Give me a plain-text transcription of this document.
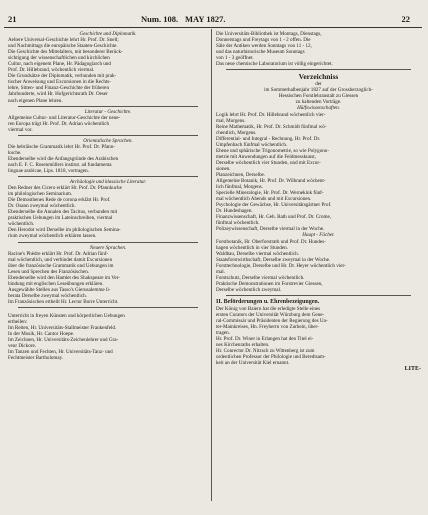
21	Num. 108. MAY 1827.	22

Geschichte und Diplomatik.

Aeltere Universal-Geschichte lehrt Hr. Prof. Dr. Snell;

und Nachmittags die europäische Staaten-Geschichte.

Die Geschichte des Mittelalters, mit besonderer Berück-

sichtigung der wissenschaftlichen und kirchlichen

Cultur, nach eigenem Plane, Hr. Pädagogiarch und

Prof. Dr. Hillebrand, wöchentlich viermal.

Die Grundsätze der Diplomatik, verbunden mit prak-

tischer Anweisung und Excursionen in die Rechts-

lehre, Sitten- und Finanz-Geschichte der früheren

Jahrhunderte, wird Hr. Hofgerichtsrath Dr. Oeser

nach eigenen Plane lehren.

Literatur - Geschichte.

Allgemeine Cultur- und Literatur-Geschichte der neue-

ren Europa trägt Hr. Prof. Dr. Adrian wöchentlich

viermal vor.

Orientalische Sprachen.

Die hebräische Grammatik lehrt Hr. Prof. Dr. Pfann-

kuche.

Ebenderselbe wird die Anfangsgründe des Arabischen

nach E. F. C. Rosenmüllers institut. ad fundamenta

linguae arabicae, Lips. 1818, vortragen.

Archäologie und klassische Literatur.

Den Redner des Cicero erklärt Hr. Prof. Dr. Pfannkuche

im philologischen Seminarium.

Die Demosthenes Rede de corona erklärt Hr. Prof.

Dr. Osann zweymal wöchentlich.

Ebenderselbe die Annalen des Tacitus, verbunden mit

praktischen Uebungen im Lateinschreiben, viermal

wöchentlich.

Den Herodot wird Derselbe im philologischen Semina-

rium zweymal wöchentlich erklären lassen.

Neuere Sprachen.

Racine's Phèdre erklärt Hr. Prof. Dr. Adrian fünf-

mal wöchentlich, und verbindet damit Excursionen

über die französische Grammatik und Uebungen im

Lesen und Sprechen des Französischen.

Ebenderselbe wird den Hamlet des Shakspeare im Ver-

bindung mit englischen Leseübungen erklären.

Ausgewählte Stellen aus Tasso's Gierusalemme li-

berata Derselbe zweymal wöchentlich.

Im Französischen ertheilt Hr. Lector Borre Unterricht.

Unterricht in freyen Künsten und körperlichen Uebungen

ertheilen:

Im Reiten, Hr. Universitäts-Stallmeister Frankenfeld.

In der Musik, Hr. Cantor Hoepe.

Im Zeichnen, Hr. Universitäts-Zeichenlehrer und Gra-

veur Dickore.

Im Tanzen und Fechten, Hr. Universitäts-Tanz- und

Fechtmeister Bartholomay.

Die Universitäts-Bibliothek ist Montags, Dienstags,

Donnerstags und Freytags von 1 - 2 offen. Die

Säle der Antiken werden Sonntags von 11 - 12,

und das naturhistorische Museum Sonntags

von 1 - 3 geöffnet.

Das neue chemische Laboratorium ist völlig eingerichtet.

Verzeichniss

der

im Sommerhalbenjahr 1827 auf der Grossherzoglich-

Hessischen Forstlehranstalt zu Giessen

zu haltenden Vorträge.

Hülfswissenschaften.

Logik lehrt Hr. Prof. Dr. Hillebrand wöchentlich vier-

mal, Morgens.

Reine Mathematik, Hr. Prof. Dr. Schmidt fünfmal wö-

chentlich, Morgens.

Differential- und Integral - Rechnung, Hr. Prof. Dr.

Umpfenbach fünfmal wöchentlich.

Ebene und sphärische Trigonometrie, so wie Polygono-

metrie mit Anwendungen auf die Feldmesskunst,

Derselbe wöchentlich vier Stunden, und mit Excur-

sionen.

Planzeichnen, Derselbe.

Allgemeine Botanik, Hr. Prof. Dr. Wilbrand wöchent-

lich fünfmal, Morgens.

Specielle Mineralogie, Hr. Prof. Dr. Wernekink fünf-

mal wöchentlich Abends und mit Excursionen.

Psychologie der Gewächse, Hr. Universitätsgärtner Prof.

Dr. Hundeshagen.

Finanzwissenschaft, Hr. Geh. Rath und Prof. Dr. Crome,

fünfmal wöchentlich.

Polizeywissenschaft, Derselbe viermal in der Woche.

Haupt - Fächer.

Forstbotanik, Hr. Oberforstrath und Prof. Dr. Hundes-

hagen wöchentlich in vier Stunden.

Waldbau, Derselbe viermal wöchentlich.

Staatsforstwirthschaft, Derselbe zweymal in der Woche.

Forsttechnologie, Derselbe und Hr. Dr. Heyer wöchentlich vier-

mal.

Forstschutz, Derselbe viermal wöchentlich.

Praktische Demonstrationen im Forstrevier Giessen,

Derselbe wöchentlich zweymal.

II. Beförderungen u. Ehrenbezeigungen.

Der König von Baiern hat die erledigte Stelle eines

ersten Curators der Universität Würzburg dem Gene-

ral-Commissär und Präsidenten der Regierung des Un-

ter-Mainkreises, Hn. Freyherrn von Zurhein, über-

tragen.

Hr. Prof. Dr. Winer in Erlangen hat den Titel ei-

nes Kirchenraths erhalten.

Hr. Conrector Dr. Nitzsch zu Wittenberg ist zum

ordentlichen Professor der Philologie und Beredtsam-

keit an der Universität Kiel ernannt.

LITE-
